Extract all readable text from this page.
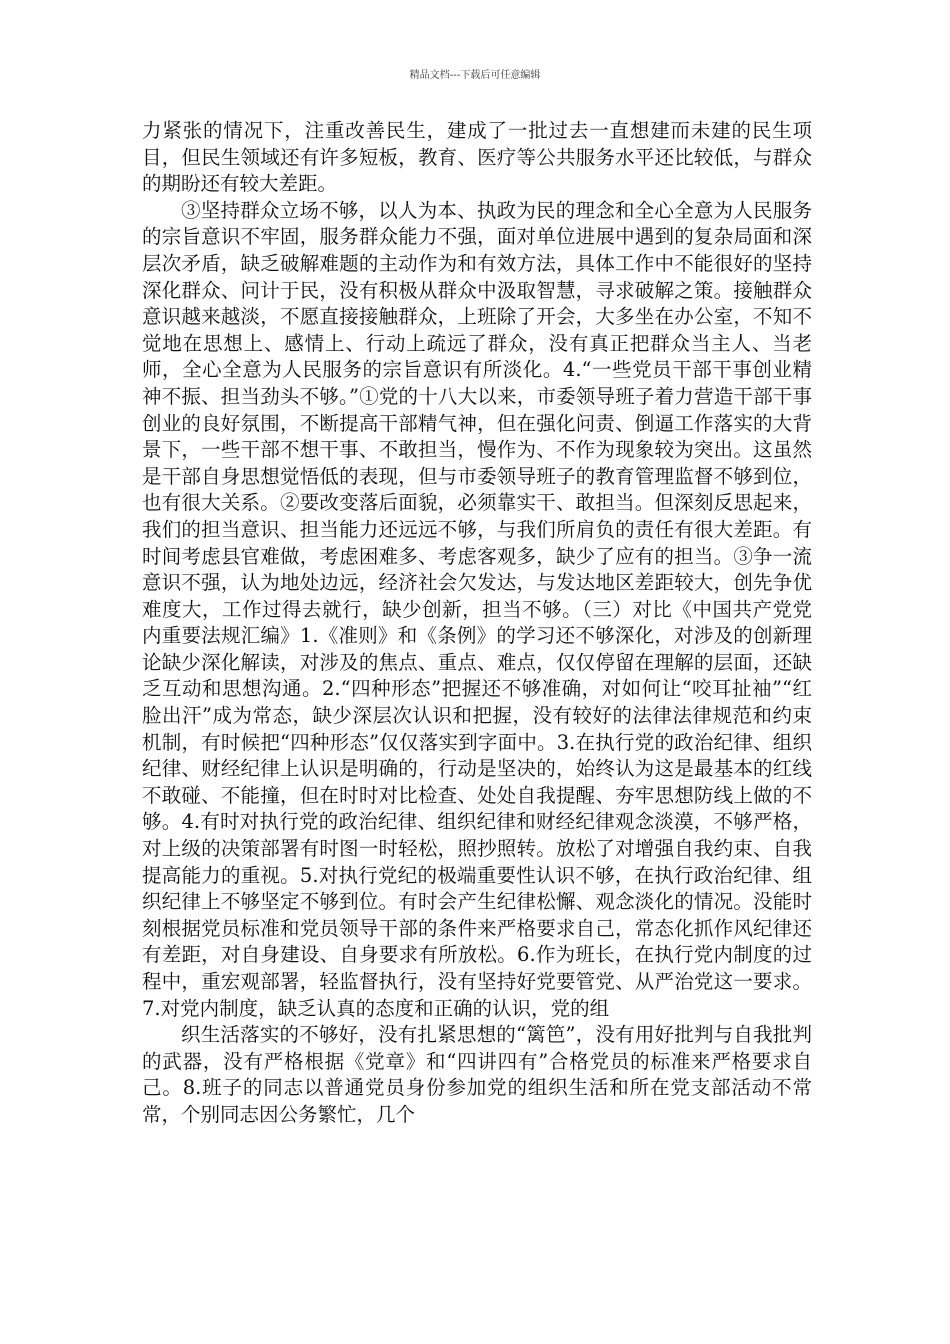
精品文档---下载后可任意编辑

力紧张的情况下，注重改善民生，建成了一批过去一直想建而未建的民生项目，但民生领域还有许多短板，教育、医疗等公共服务水平还比较低，与群众的期盼还有较大差距。

③坚持群众立场不够，以人为本、执政为民的理念和全心全意为人民服务的宗旨意识不牢固，服务群众能力不强，面对单位进展中遇到的复杂局面和深层次矛盾，缺乏破解难题的主动作为和有效方法，具体工作中不能很好的坚持深化群众、问计于民，没有积极从群众中汲取智慧，寻求破解之策。接触群众意识越来越淡，不愿直接接触群众，上班除了开会，大多坐在办公室，不知不觉地在思想上、感情上、行动上疏远了群众，没有真正把群众当主人、当老师，全心全意为人民服务的宗旨意识有所淡化。4.“一些党员干部干事创业精神不振、担当劲头不够。”①党的十八大以来，市委领导班子着力营造干部干事创业的良好氛围，不断提高干部精气神，但在强化问责、倒逼工作落实的大背景下，一些干部不想干事、不敢担当，慢作为、不作为现象较为突出。这虽然是干部自身思想觉悟低的表现，但与市委领导班子的教育管理监督不够到位，也有很大关系。②要改变落后面貌，必须靠实干、敢担当。但深刻反思起来，我们的担当意识、担当能力还远远不够，与我们所肩负的责任有很大差距。有时间考虑县官难做，考虑困难多、考虑客观多，缺少了应有的担当。③争一流意识不强，认为地处边远，经济社会欠发达，与发达地区差距较大，创先争优难度大，工作过得去就行，缺少创新，担当不够。（三）对比《中国共产党党内重要法规汇编》1.《准则》和《条例》的学习还不够深化，对涉及的创新理论缺少深化解读，对涉及的焦点、重点、难点，仅仅停留在理解的层面，还缺乏互动和思想沟通。2.“四种形态”把握还不够准确，对如何让“咬耳扯袖”“红脸出汗”成为常态，缺少深层次认识和把握，没有较好的法律法律规范和约束机制，有时候把“四种形态”仅仅落实到字面中。3.在执行党的政治纪律、组织纪律、财经纪律上认识是明确的，行动是坚决的，始终认为这是最基本的红线不敢碰、不能撞，但在时时对比检查、处处自我提醒、夯牢思想防线上做的不够。4.有时对执行党的政治纪律、组织纪律和财经纪律观念淡漠，不够严格，对上级的决策部署有时图一时轻松，照抄照转。放松了对增强自我约束、自我提高能力的重视。5.对执行党纪的极端重要性认识不够，在执行政治纪律、组织纪律上不够坚定不够到位。有时会产生纪律松懈、观念淡化的情况。没能时刻根据党员标准和党员领导干部的条件来严格要求自己，常态化抓作风纪律还有差距，对自身建设、自身要求有所放松。6.作为班长，在执行党内制度的过程中，重宏观部署，轻监督执行，没有坚持好党要管党、从严治党这一要求。7.对党内制度，缺乏认真的态度和正确的认识，党的组

织生活落实的不够好，没有扎紧思想的“篱笆”，没有用好批判与自我批判的武器，没有严格根据《党章》和“四讲四有”合格党员的标准来严格要求自己。8.班子的同志以普通党员身份参加党的组织生活和所在党支部活动不常常，个别同志因公务繁忙，几个
